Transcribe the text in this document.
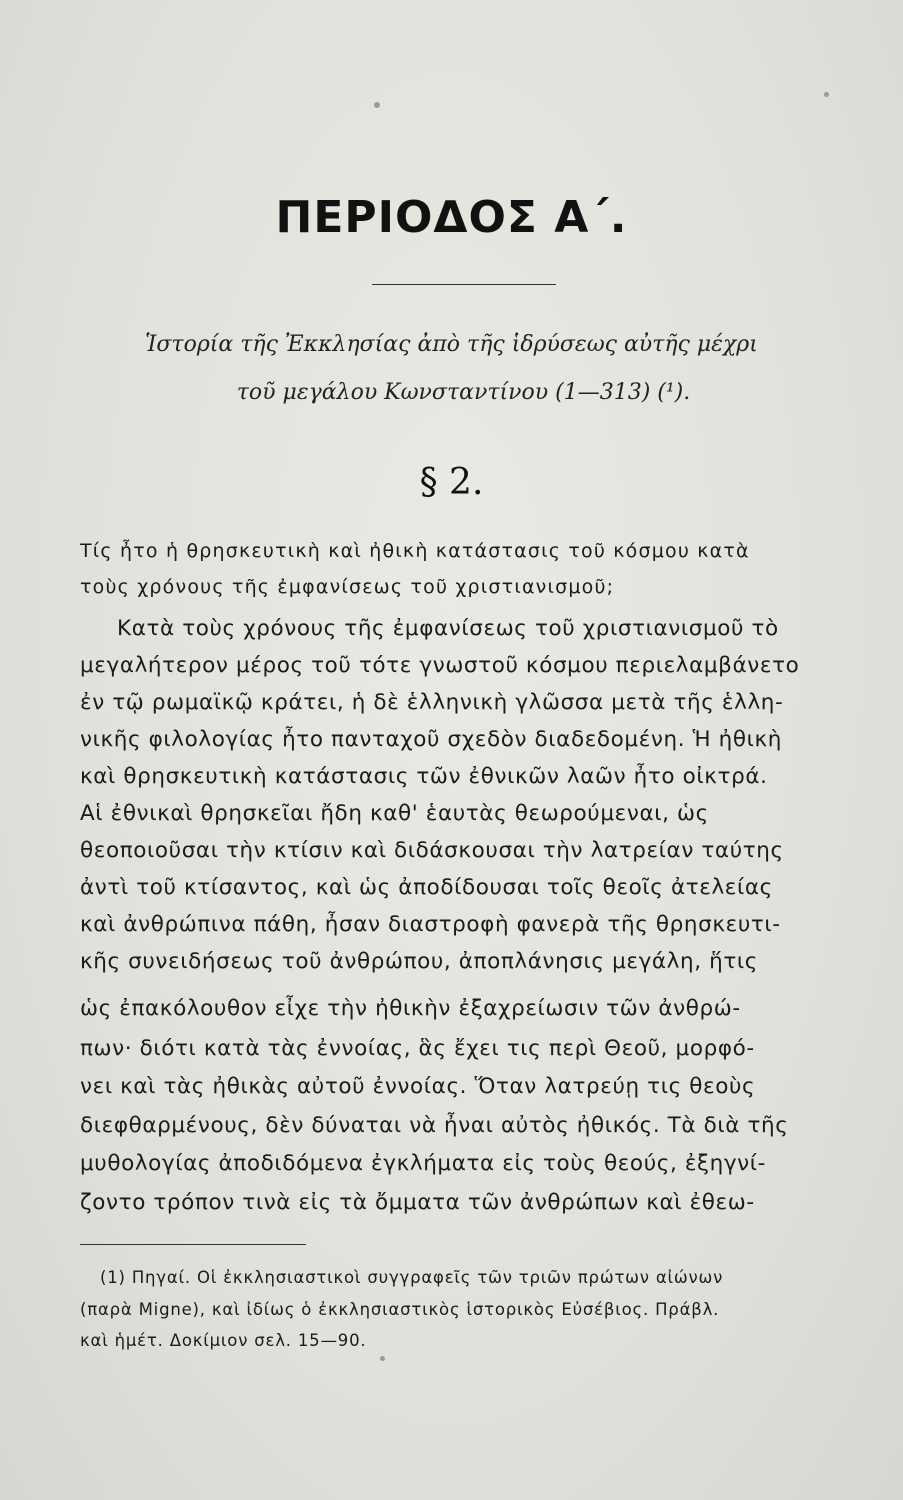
ΠΕΡΙΟΔΟΣ Α΄.
Ἱστορία τῆς Ἐκκλησίας ἀπὸ τῆς ἱδρύσεως αὐτῆς μέχρι
τοῦ μεγάλου Κωνσταντίνου (1—313) (¹).
§ 2.
Τίς ἦτο ἡ θρησκευτικὴ καὶ ἠθικὴ κατάστασις τοῦ κόσμου κατὰ
τοὺς χρόνους τῆς ἐμφανίσεως τοῦ χριστιανισμοῦ;
Κατὰ τοὺς χρόνους τῆς ἐμφανίσεως τοῦ χριστιανισμοῦ τὸ
μεγαλήτερον μέρος τοῦ τότε γνωστοῦ κόσμου περιελαμβάνετο
ἐν τῷ ρωμαϊκῷ κράτει, ἡ δὲ ἑλληνικὴ γλῶσσα μετὰ τῆς ἑλλη-
νικῆς φιλολογίας ἦτο πανταχοῦ σχεδὸν διαδεδομένη. Ἡ ἠθικὴ
καὶ θρησκευτικὴ κατάστασις τῶν ἐθνικῶν λαῶν ἦτο οἰκτρά.
Αἱ ἐθνικαὶ θρησκεῖαι ἤδη καθ' ἑαυτὰς θεωρούμεναι, ὡς
θεοποιοῦσαι τὴν κτίσιν καὶ διδάσκουσαι τὴν λατρείαν ταύτης
ἀντὶ τοῦ κτίσαντος, καὶ ὡς ἀποδίδουσαι τοῖς θεοῖς ἀτελείας
καὶ ἀνθρώπινα πάθη, ἦσαν διαστροφὴ φανερὰ τῆς θρησκευτι-
κῆς συνειδήσεως τοῦ ἀνθρώπου, ἀποπλάνησις μεγάλη, ἥτις
ὡς ἐπακόλουθον εἶχε τὴν ἠθικὴν ἐξαχρείωσιν τῶν ἀνθρώ-
πων· διότι κατὰ τὰς ἐννοίας, ἃς ἔχει τις περὶ Θεοῦ, μορφό-
νει καὶ τὰς ἠθικὰς αὐτοῦ ἐννοίας. Ὅταν λατρεύῃ τις θεοὺς
διεφθαρμένους, δὲν δύναται νὰ ἦναι αὐτὸς ἠθικός. Τὰ διὰ τῆς
μυθολογίας ἀποδιδόμενα ἐγκλήματα εἰς τοὺς θεούς, ἐξηγνί-
ζοντο τρόπον τινὰ εἰς τὰ ὄμματα τῶν ἀνθρώπων καὶ ἐθεω-
(1) Πηγαί. Οἱ ἐκκλησιαστικοὶ συγγραφεῖς τῶν τριῶν πρώτων αἰώνων
(παρὰ Migne), καὶ ἰδίως ὁ ἐκκλησιαστικὸς ἱστορικὸς Εὐσέβιος. Πράβλ.
καὶ ἡμέτ. Δοκίμιον σελ. 15—90.
